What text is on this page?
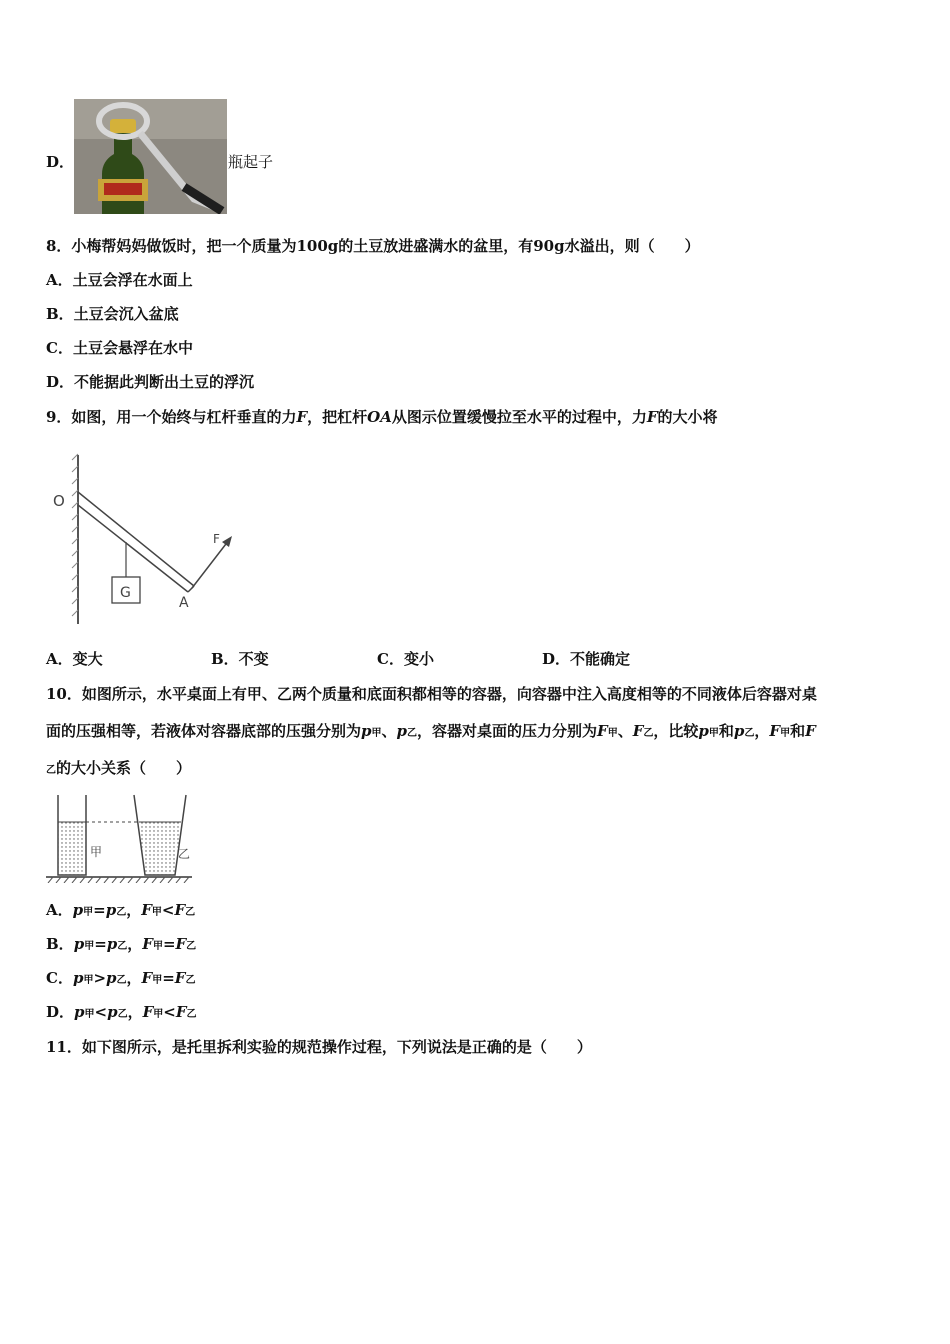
D．	瓶起子
8．小梅帮妈妈做饭时，把一个质量为100g的土豆放进盛满水的盆里，有90g水溢出，则（　　）
A．土豆会浮在水面上
B．土豆会沉入盆底
C．土豆会悬浮在水中
D．不能据此判断出土豆的浮沉
9．如图，用一个始终与杠杆垂直的力F，把杠杆OA从图示位置缓慢拉至水平的过程中，力F的大小将
O
G
A
F
A．变大	B．不变	C．变小	D．不能确定
10．如图所示，水平桌面上有甲、乙两个质量和底面积都相等的容器，向容器中注入高度相等的不同液体后容器对桌
面的压强相等，若液体对容器底部的压强分别为p甲、p乙，容器对桌面的压力分别为F甲、F乙，比较p甲和p乙，F甲和F
乙的大小关系（　　）
甲	乙
A．p甲=p乙，F甲<F乙
B．p甲=p乙，F甲=F乙
C．p甲>p乙，F甲=F乙
D．p甲<p乙，F甲<F乙
11．如下图所示，是托里拆利实验的规范操作过程，下列说法是正确的是（　　）
